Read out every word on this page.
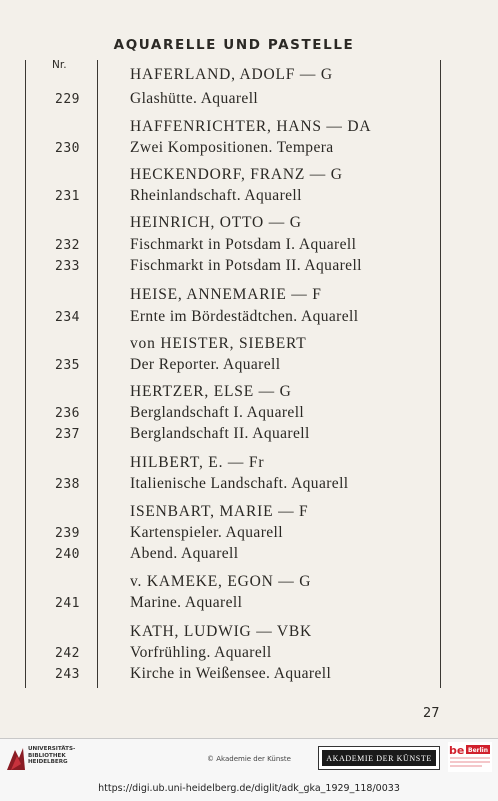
AQUARELLE UND PASTELLE
Nr.
HAFERLAND, ADOLF — G
229	Glashütte. Aquarell
HAFFENRICHTER, HANS — DA
230	Zwei Kompositionen. Tempera
HECKENDORF, FRANZ — G
231	Rheinlandschaft. Aquarell
HEINRICH, OTTO — G
232	Fischmarkt in Potsdam I. Aquarell
233	Fischmarkt in Potsdam II. Aquarell
HEISE, ANNEMARIE — F
234	Ernte im Bördestädtchen. Aquarell
von HEISTER, SIEBERT
235	Der Reporter. Aquarell
HERTZER, ELSE — G
236	Berglandschaft I. Aquarell
237	Berglandschaft II. Aquarell
HILBERT, E. — Fr
238	Italienische Landschaft. Aquarell
ISENBART, MARIE — F
239	Kartenspieler. Aquarell
240	Abend. Aquarell
v. KAMEKE, EGON — G
241	Marine. Aquarell
KATH, LUDWIG — VBK
242	Vorfrühling. Aquarell
243	Kirche in Weißensee. Aquarell
27
UNIVERSITÄTS-
BIBLIOTHEK
HEIDELBERG	© Akademie der Künste	AKADEMIE DER KÜNSTE
be Berlin
https://digi.ub.uni-heidelberg.de/diglit/adk_gka_1929_118/0033
